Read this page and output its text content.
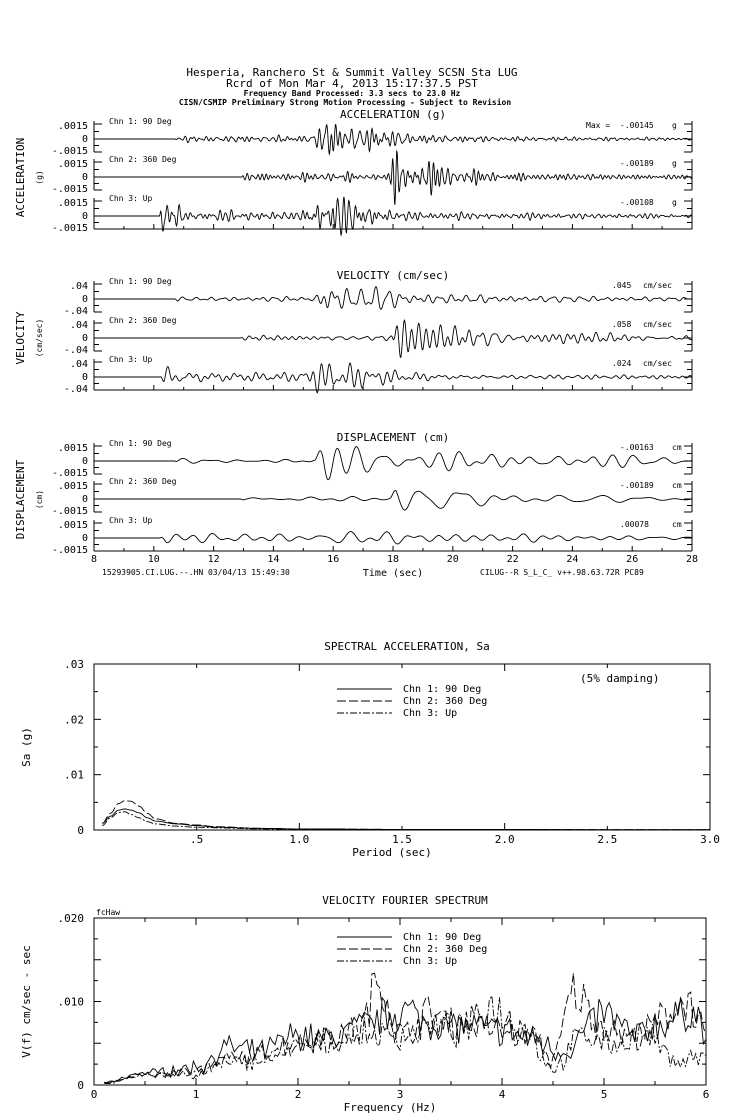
Hesperia, Ranchero St & Summit Valley SCSN Sta LUG
Rcrd of Mon Mar 4, 2013 15:17:37.5 PST
Frequency Band Processed: 3.3 secs to 23.0 Hz
CISN/CSMIP Preliminary Strong Motion Processing - Subject to Revision
ACCELERATION (g)
ACCELERATION (g)
.0015
0
-.0015
Chn 1: 90 Deg	Max = -.00145 g
.0015
0
-.0015
Chn 2: 360 Deg	-.00189 g
.0015
0
-.0015
Chn 3: Up	-.00108 g
VELOCITY (cm/sec)
VELOCITY (cm/sec)
.04
0
-.04
Chn 1: 90 Deg	.045 cm/sec
.04
0
-.04
Chn 2: 360 Deg	.058 cm/sec
.04
0
-.04
Chn 3: Up	.024 cm/sec
DISPLACEMENT (cm)
DISPLACEMENT (cm)
8	10	12	14	16	18	20	22	24	26	28
.0015
0
-.0015
Chn 1: 90 Deg	-.00163 cm
.0015
0
-.0015
Chn 2: 360 Deg	-.00189 cm
.0015
0
-.0015
Chn 3: Up	.00078	cm
15293905.CI.LUG.--.HN 03/04/13 15:49:30	CILUG--R S_L_C_ v++.98.63.72R PC89
Time (sec)
SPECTRAL ACCELERATION, Sa
.5	1.0	1.5	2.0	2.5	3.0
.03
.02
.01
0
Period (sec)
Sa (g)
(5% damping)
Chn 1: 90 Deg
Chn 2: 360 Deg
Chn 3: Up
VELOCITY FOURIER SPECTRUM
0	1	2	3	4	5	6
.020
.010
0
Frequency (Hz)
V(f) cm/sec - sec
fcHaw
Chn 1: 90 Deg
Chn 2: 360 Deg
Chn 3: Up
